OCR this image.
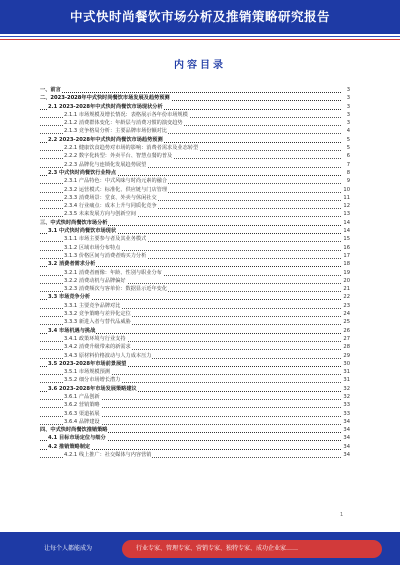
中式快时尚餐饮市场分析及推销策略研究报告
内容目录
一、前言	3
二、2023-2028年中式快时尚餐饮市场发展及趋势预测	3
2.1 2023-2028年中式快时尚餐饮市场现状分析	3
2.1.1 市场规模及增长情况：表格展示各年份市场规模	3
2.1.2 消费群体变化：年龄层与消费习惯的演变趋势	3
2.1.3 竞争格局分析：主要品牌市场份额对比	4
2.2 2023-2028年中式快时尚餐饮市场趋势预测	5
2.2.1 健康饮食趋势对市场的影响：消费者需求及业态转型	5
2.2.2 数字化转型：外卖平台、智慧点餐的普及	6
2.2.3 品牌化与连锁化发展趋势展望	7
2.3 中式快时尚餐饮行业特点	8
2.3.1 产品特色：中式风味与时尚元素的融合	9
2.3.2 运营模式：标准化、供应链与门店管理	10
2.3.3 消费场景：堂食、外卖与休闲社交	11
2.3.4 行业痛点：成本上升与同质化竞争	12
2.3.5 未来发展方向与创新空间	13
三、中式快时尚餐饮市场分析	14
3.1 中式快时尚餐饮市场现状	14
3.1.1 市场主要参与者及其业务模式	15
3.1.2 区域市场分布特点	16
3.1.3 价格区间与消费者购买力分析	17
3.2 消费者需求分析	18
3.2.1 消费者画像：年龄、性别与职业分布	19
3.2.2 消费动机与品牌偏好	20
3.2.3 消费频次与客单价：数据显示近年变化	21
3.3 市场竞争分析	22
3.3.1 主要竞争品牌对比	23
3.3.2 竞争策略与差异化定位	24
3.3.3 新进入者与替代品威胁	25
3.4 市场机遇与挑战	26
3.4.1 政策环境与行业支持	27
3.4.2 消费升级带来的新需求	28
3.4.3 原材料价格波动与人力成本压力	29
3.5 2023-2028年市场前景展望	30
3.5.1 市场规模预测	31
3.5.2 细分市场增长潜力	31
3.6 2023-2028年市场发展策略建议	32
3.6.1 产品创新	32
3.6.2 营销策略	33
3.6.3 渠道拓展	33
3.6.4 品牌建设	34
四、中式快时尚餐饮推销策略	34
4.1 目标市场定位与细分	34
4.2 推销策略制定	34
4.2.1 线上推广：社交媒体与内容营销	34
1
让每个人都能成为	行业专家、管理专家、营销专家、独特专家、成功企业家……
